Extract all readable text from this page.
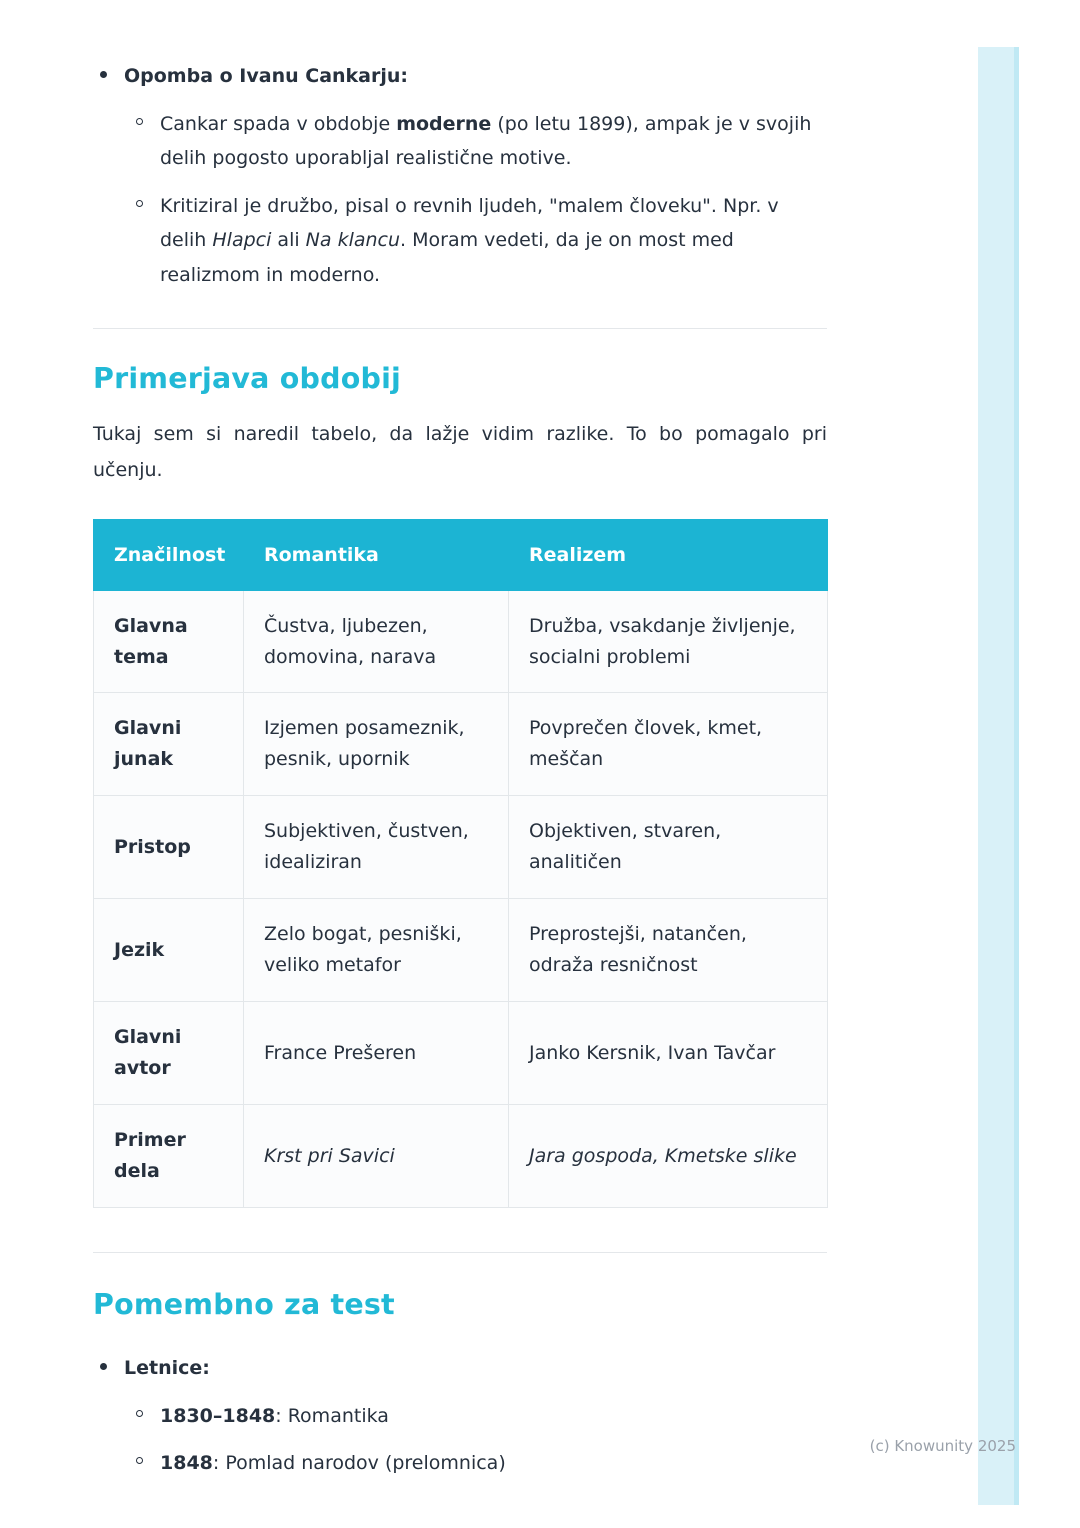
Opomba o Ivanu Cankarju:
Cankar spada v obdobje moderne (po letu 1899), ampak je v svojih delih pogosto uporabljal realistične motive.
Kritiziral je družbo, pisal o revnih ljudeh, "malem človeku". Npr. v delih Hlapci ali Na klancu. Moram vedeti, da je on most med realizmom in moderno.
Primerjava obdobij

Tukaj sem si naredil tabelo, da lažje vidim razlike. To bo pomagalo pri učenju.

Značilnost	Romantika	Realizem
Glavna tema	Čustva, ljubezen, domovina, narava	Družba, vsakdanje življenje, socialni problemi
Glavni junak	Izjemen posameznik, pesnik, upornik	Povprečen človek, kmet, meščan
Pristop	Subjektiven, čustven, idealiziran	Objektiven, stvaren, analitičen
Jezik	Zelo bogat, pesniški, veliko metafor	Preprostejši, natančen, odraža resničnost
Glavni avtor	France Prešeren	Janko Kersnik, Ivan Tavčar
Primer dela	Krst pri Savici	Jara gospoda, Kmetske slike
Pomembno za test
Letnice:
1830–1848: Romantika
1848: Pomlad narodov (prelomnica)
(c) Knowunity 2025
